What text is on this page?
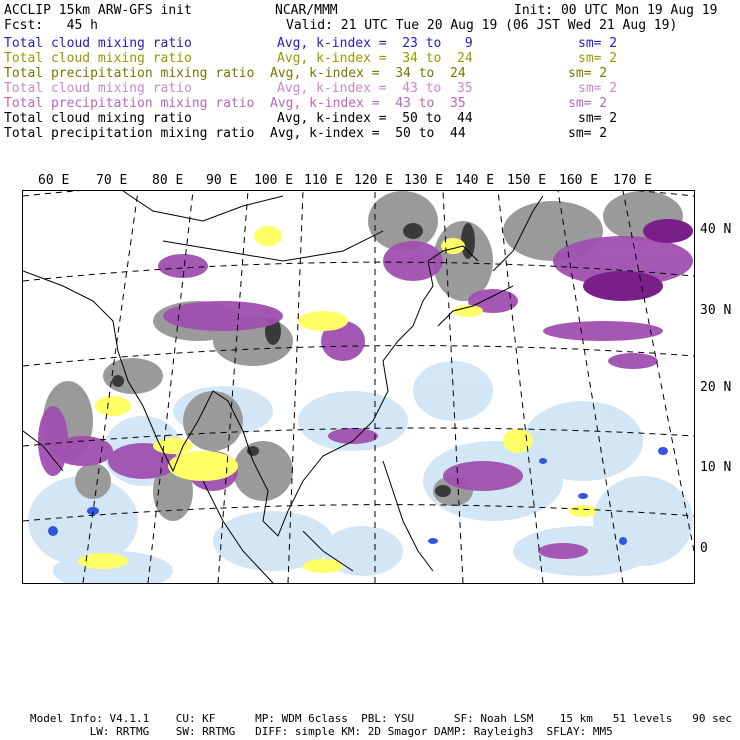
ACCLIP 15km ARW-GFS init	NCAR/MMM	Init: 00 UTC Mon 19 Aug 19
Fcst:   45 h	Valid: 21 UTC Tue 20 Aug 19 (06 JST Wed 21 Aug 19)
Total cloud mixing ratio	Avg, k-index =  23 to   9	sm= 2
Total cloud mixing ratio	Avg, k-index =  34 to  24	sm= 2
Total precipitation mixing ratio Avg, k-index =  34 to  24	sm= 2
Total cloud mixing ratio	Avg, k-index =  43 to  35	sm= 2
Total precipitation mixing ratio Avg, k-index =  43 to  35	sm= 2
Total cloud mixing ratio	Avg, k-index =  50 to  44	sm= 2
Total precipitation mixing ratio Avg, k-index =  50 to  44	sm= 2
60 E 70 E 80 E 90 E 100 E 110 E 120 E 130 E 140 E 150 E 160 E 170 E
40 N
30 N
20 N
10 N
0
Model Info: V4.1.1    CU: KF      MP: WDM 6class  PBL: YSU      SF: Noah LSM    15 km   51 levels   90 sec
LW: RRTMG    SW: RRTMG   DIFF: simple KM: 2D Smagor DAMP: Rayleigh3  SFLAY: MM5
